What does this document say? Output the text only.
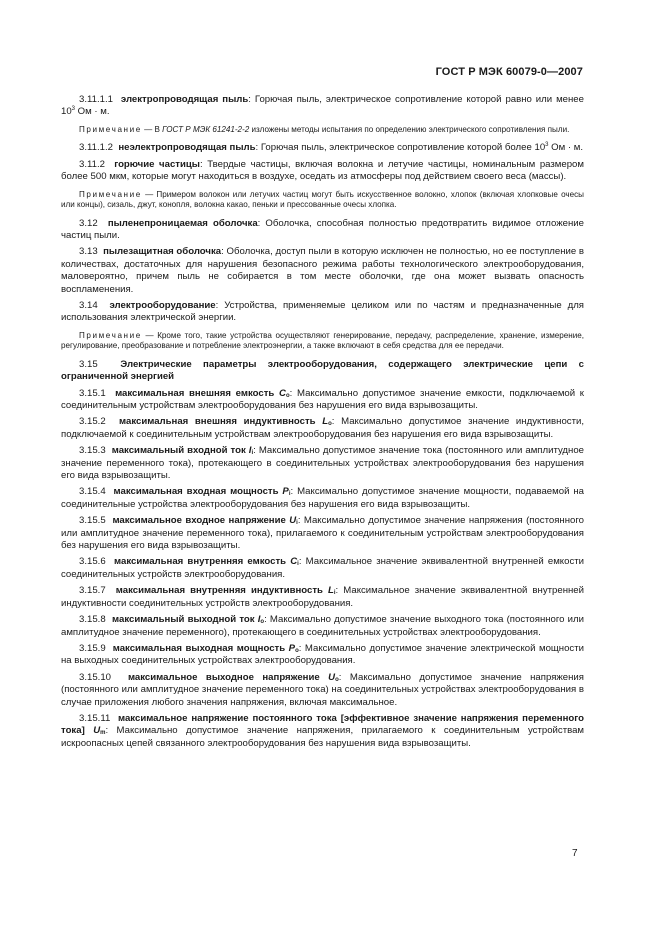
ГОСТ Р МЭК 60079-0—2007

3.11.1.1 электропроводящая пыль: Горючая пыль, электрическое сопротивление которой равно или менее $10^3$ Ом · м.

Примечание — В ГОСТ Р МЭК 61241-2-2 изложены методы испытания по определению электрического сопротивления пыли.

3.11.1.2 неэлектропроводящая пыль: Горючая пыль, электрическое сопротивление которой более $10^3$ Ом · м.

3.11.2 горючие частицы: Твердые частицы, включая волокна и летучие частицы, номинальным размером более 500 мкм, которые могут находиться в воздухе, оседать из атмосферы под действием своего веса (массы).

Примечание — Примером волокон или летучих частиц могут быть искусственное волокно, хлопок (включая хлопковые очесы или концы), сизаль, джут, конопля, волокна какао, пеньки и прессованные очесы хлопка.

3.12 пыленепроницаемая оболочка: Оболочка, способная полностью предотвратить видимое отложение частиц пыли.

3.13 пылезащитная оболочка: Оболочка, доступ пыли в которую исключен не полностью, но ее поступление в количествах, достаточных для нарушения безопасного режима работы технологического электрооборудования, маловероятно, причем пыль не собирается в том месте оболочки, где она может вызвать опасность воспламенения.

3.14 электрооборудование: Устройства, применяемые целиком или по частям и предназначенные для использования электрической энергии.

Примечание — Кроме того, такие устройства осуществляют генерирование, передачу, распределение, хранение, измерение, регулирование, преобразование и потребление электроэнергии, а также включают в себя средства для ее передачи.

3.15 Электрические параметры электрооборудования, содержащего электрические цепи с ограниченной энергией

3.15.1 максимальная внешняя емкость $C_o$: Максимально допустимое значение емкости, подключаемой к соединительным устройствам электрооборудования без нарушения его вида взрывозащиты.

3.15.2 максимальная внешняя индуктивность $L_o$: Максимально допустимое значение индуктивности, подключаемой к соединительным устройствам электрооборудования без нарушения его вида взрывозащиты.

3.15.3 максимальный входной ток $I_i$: Максимально допустимое значение тока (постоянного или амплитудное значение переменного тока), протекающего в соединительных устройствах электрооборудования без нарушения его вида взрывозащиты.

3.15.4 максимальная входная мощность $P_i$: Максимально допустимое значение мощности, подаваемой на соединительные устройства электрооборудования без нарушения его вида взрывозащиты.

3.15.5 максимальное входное напряжение $U_i$: Максимально допустимое значение напряжения (постоянного или амплитудное значение переменного тока), прилагаемого к соединительным устройствам электрооборудования без нарушения его вида взрывозащиты.

3.15.6 максимальная внутренняя емкость $C_i$: Максимальное значение эквивалентной внутренней емкости соединительных устройств электрооборудования.

3.15.7 максимальная внутренняя индуктивность $L_i$: Максимальное значение эквивалентной внутренней индуктивности соединительных устройств электрооборудования.

3.15.8 максимальный выходной ток $I_o$: Максимально допустимое значение выходного тока (постоянного или амплитудное значение переменного), протекающего в соединительных устройствах электрооборудования.

3.15.9 максимальная выходная мощность $P_o$: Максимально допустимое значение электрической мощности на выходных соединительных устройствах электрооборудования.

3.15.10 максимальное выходное напряжение $U_o$: Максимально допустимое значение напряжения (постоянного или амплитудное значение переменного тока) на соединительных устройствах электрооборудования в случае приложения любого значения напряжения, включая максимальное.

3.15.11 максимальное напряжение постоянного тока [эффективное значение напряжения переменного тока] $U_m$: Максимально допустимое значение напряжения, прилагаемого к соединительным устройствам искроопасных цепей связанного электрооборудования без нарушения вида взрывозащиты.

7
